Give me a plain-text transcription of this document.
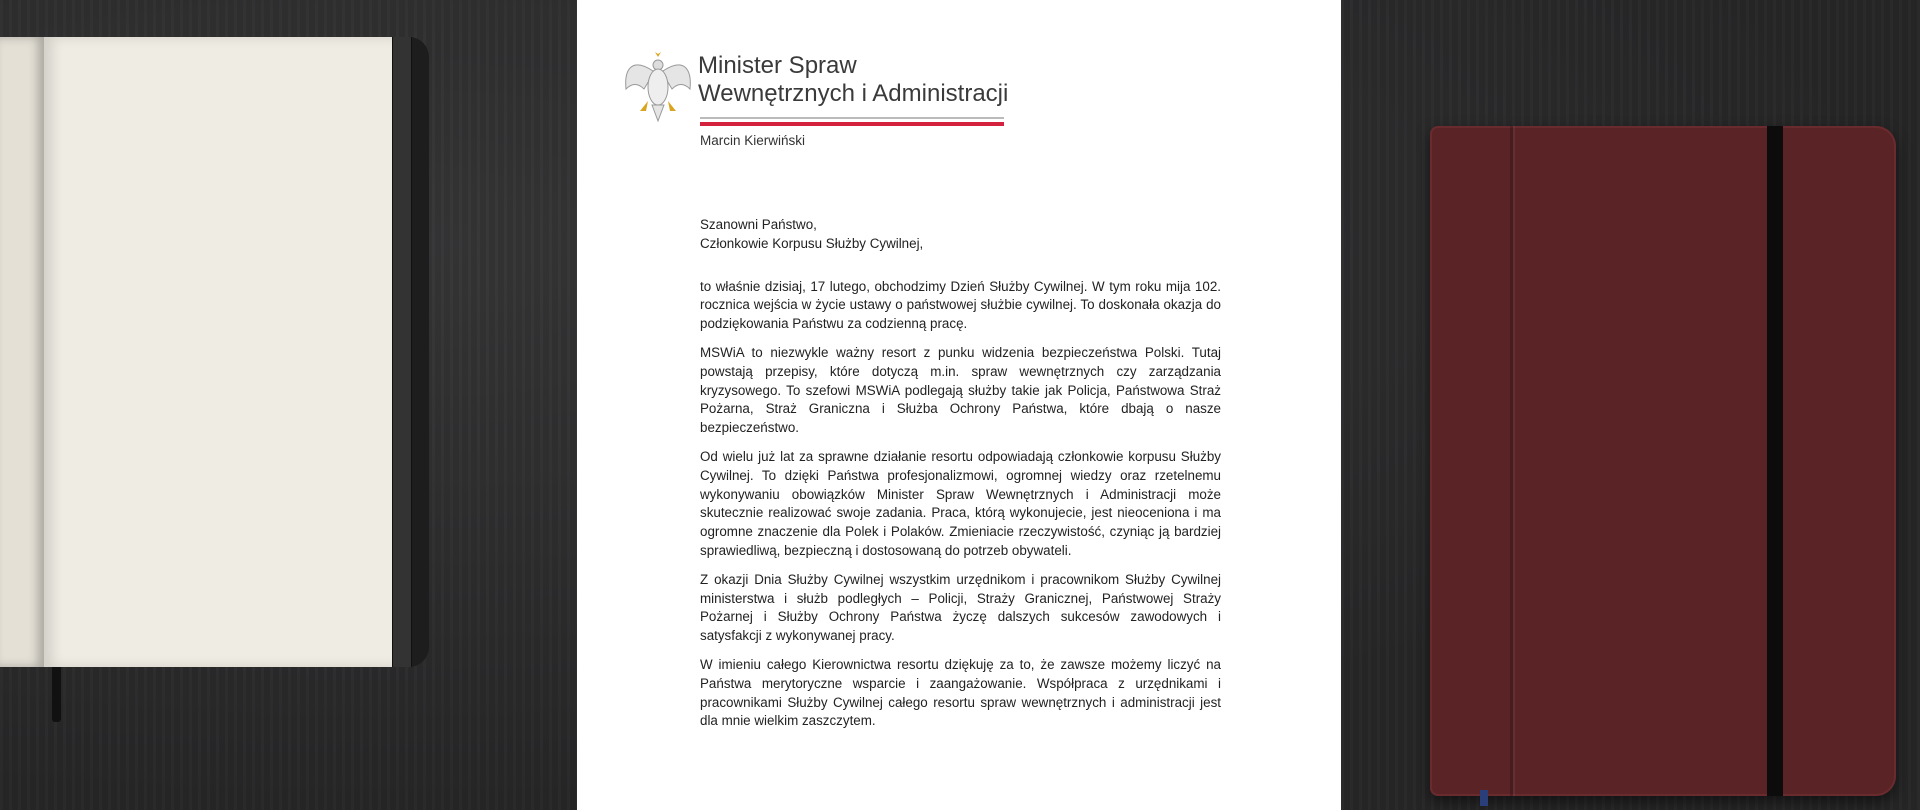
Minister Spraw
Wewnętrznych i Administracji
Marcin Kierwiński

Szanowni Państwo,
Członkowie Korpusu Służby Cywilnej,

to właśnie dzisiaj, 17 lutego, obchodzimy Dzień Służby Cywilnej. W tym roku mija 102. rocznica wejścia w życie ustawy o państwowej służbie cywilnej. To doskonała okazja do podziękowania Państwu za codzienną pracę.

MSWiA to niezwykle ważny resort z punku widzenia bezpieczeństwa Polski. Tutaj powstają przepisy, które dotyczą m.in. spraw wewnętrznych czy zarządzania kryzysowego. To szefowi MSWiA podlegają służby takie jak Policja, Państwowa Straż Pożarna, Straż Graniczna i Służba Ochrony Państwa, które dbają o nasze bezpieczeństwo.

Od wielu już lat za sprawne działanie resortu odpowiadają członkowie korpusu Służby Cywilnej. To dzięki Państwa profesjonalizmowi, ogromnej wiedzy oraz rzetelnemu wykonywaniu obowiązków Minister Spraw Wewnętrznych i Administracji może skutecznie realizować swoje zadania. Praca, którą wykonujecie, jest nieoceniona i ma ogromne znaczenie dla Polek i Polaków. Zmieniacie rzeczywistość, czyniąc ją bardziej sprawiedliwą, bezpieczną i dostosowaną do potrzeb obywateli.

Z okazji Dnia Służby Cywilnej wszystkim urzędnikom i pracownikom Służby Cywilnej ministerstwa i służb podległych – Policji, Straży Granicznej, Państwowej Straży Pożarnej i Służby Ochrony Państwa życzę dalszych sukcesów zawodowych i satysfakcji z wykonywanej pracy.

W imieniu całego Kierownictwa resortu dziękuję za to, że zawsze możemy liczyć na Państwa merytoryczne wsparcie i zaangażowanie. Współpraca z urzędnikami i pracownikami Służby Cywilnej całego resortu spraw wewnętrznych i administracji jest dla mnie wielkim zaszczytem.
